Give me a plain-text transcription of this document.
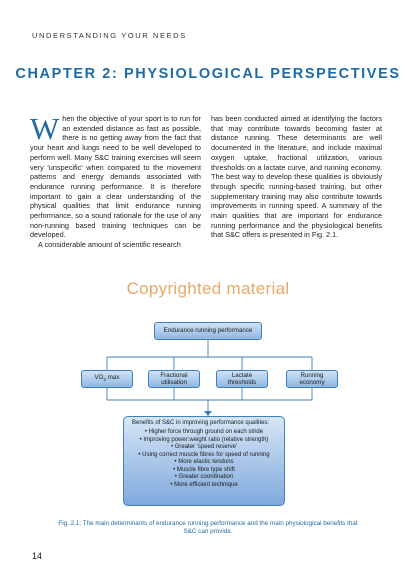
UNDERSTANDING YOUR NEEDS
CHAPTER 2: PHYSIOLOGICAL PERSPECTIVES

When the objective of your sport is to run for an extended distance as fast as possible, there is no getting away from the fact that your heart and lungs need to be well developed to perform well. Many S&C training exercises will seem very 'unspecific' when compared to the movement patterns and energy demands associated with endurance running performance. It is therefore important to gain a clear understanding of the physical qualities that limit endurance running performance, so a sound rationale for the use of any non-running based training techniques can be developed.

A considerable amount of scientific research

has been conducted aimed at identifying the factors that may contribute towards becoming faster at distance running. These determinants are well documented in the literature, and include maximal oxygen uptake, fractional utilization, various thresholds on a lactate curve, and running economy. The best way to develop these qualities is obviously through specific running-based training, but other supplementary training may also contribute towards improvements in running speed. A summary of the main qualities that are important for endurance running performance and the physiological benefits that S&C offers is presented in Fig. 2.1.

Copyrighted material
Endurance running performance
$VO_2$ max	Fractional
utilisation
Lactate
thresholds
Running
economy
Benefits of S&C in improving performance qualities:
• Higher force through ground on each stride
• Improving power:weight ratio (relative strength)
• Greater 'speed reserve'
• Using correct muscle fibres for speed of running
• More elastic tendons
• Muscle fibre type shift
• Greater coordination
• More efficient technique
Fig. 2.1: The main determinants of endurance running performance and the main physiological benefits that S&C can provide.
14
